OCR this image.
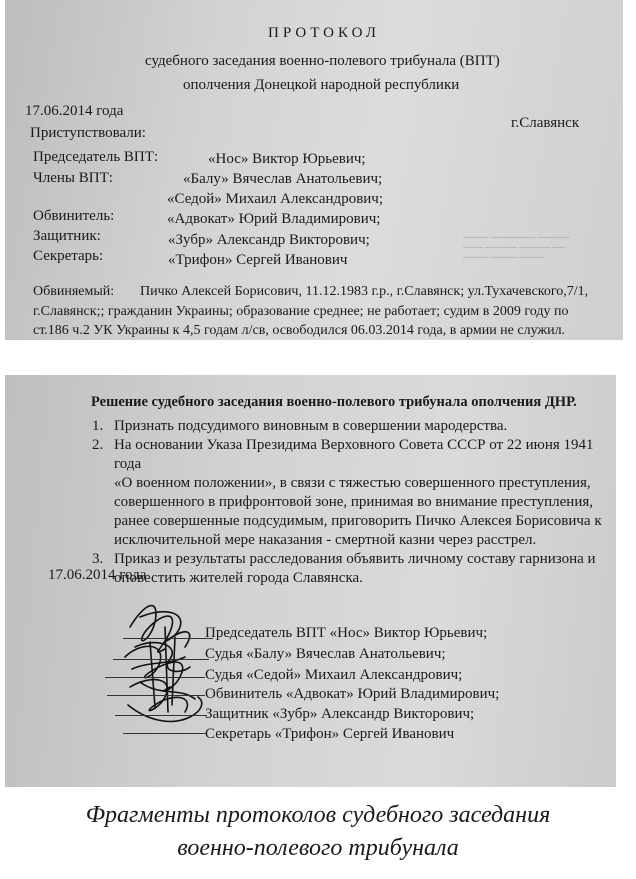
ПРОТОКОЛ
судебного заседания военно-полевого трибунала (ВПТ)
ополчения Донецкой народной республики
17.06.2014 года
г.Славянск
Приступствовали:
Председатель ВПТ:	«Нос» Виктор Юрьевич;
Члены ВПТ:	«Балу» Вячеслав Анатольевич;
«Седой» Михаил Александрович;
Обвинитель:	«Адвокат» Юрий Владимирович;
Защитник:	«Зубр» Александр Викторович;
Секретарь:	«Трифон» Сергей Иванович
──── ─────── ─────
─── ───── ───── ──
──── ──── ────
Обвиняемый: Пичко Алексей Борисович, 11.12.1983 г.р., г.Славянск; ул.Тухачевского,7/1,
г.Славянск;; гражданин Украины; образование среднее; не работает; судим в 2009 году по
ст.186 ч.2 УК Украины к 4,5 годам л/св, освободился 06.03.2014 года, в армии не служил.
Решение судебного заседания военно-полевого трибунала ополчения ДНР.
1. Признать подсудимого виновным в совершении мародерства.
2. На основании Указа Президима Верховного Совета СССР от 22 июня 1941 года
«О военном положении», в связи с тяжестью совершенного преступления,
совершенного в прифронтовой зоне, принимая во внимание преступления,
ранее совершенные подсудимым, приговорить Пичко Алексея Борисовича к
исключительной мере наказания - смертной казни через расстрел.
3. Приказ и результаты расследования объявить личному составу гарнизона и
оповестить жителей города Славянска.
17.06.2014 года
Председатель ВПТ «Нос» Виктор Юрьевич;
Судья «Балу» Вячеслав Анатольевич;
Судья «Седой» Михаил Александрович;
Обвинитель «Адвокат» Юрий Владимирович;
Защитник «Зубр» Александр Викторович;
Секретарь «Трифон» Сергей Иванович
Фрагменты протоколов судебного заседания
военно-полевого трибунала
